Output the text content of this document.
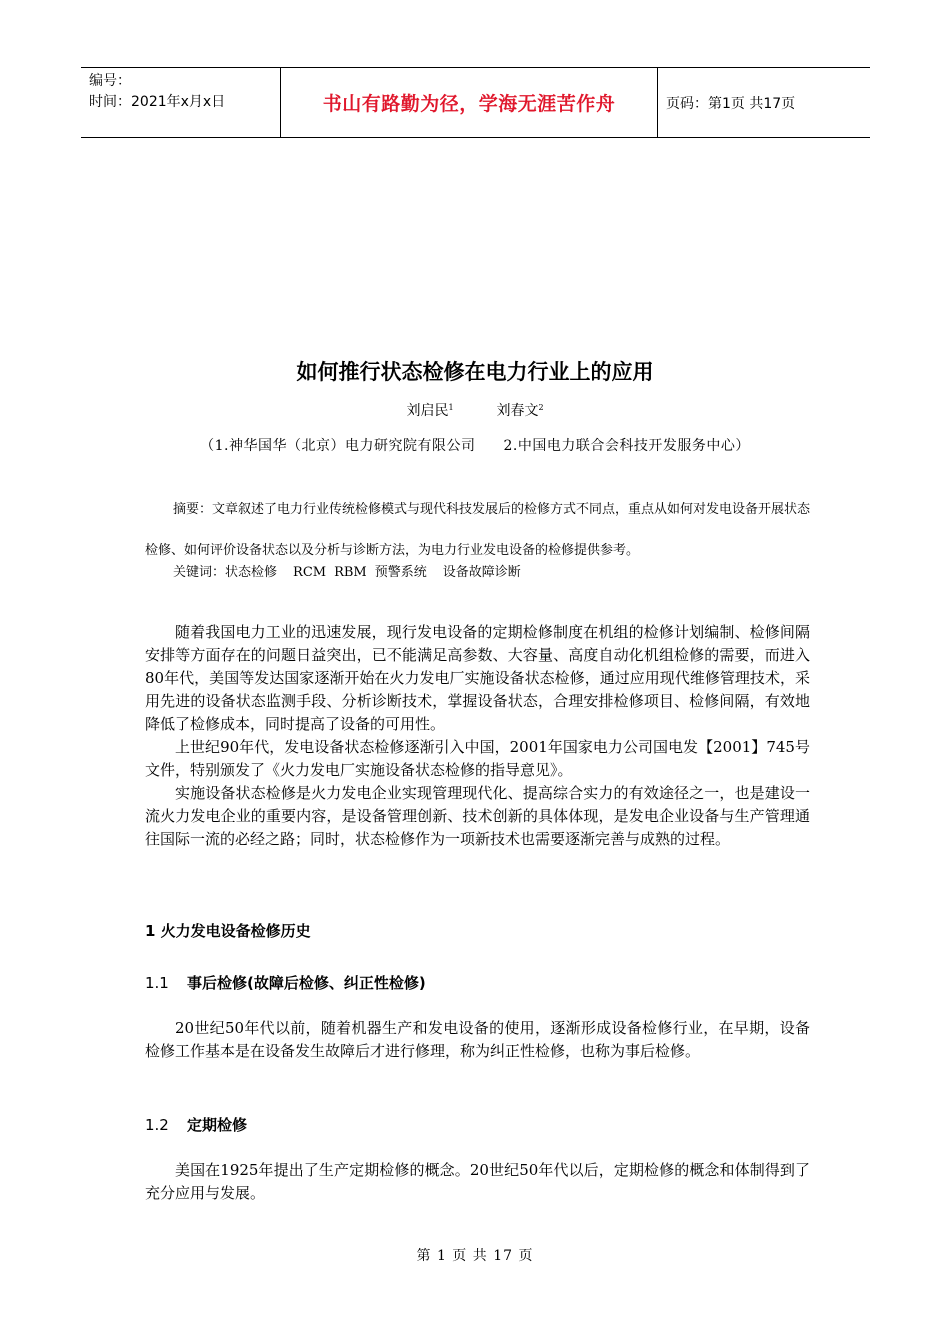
编号：
时间：2021年x月x日	书山有路勤为径，学海无涯苦作舟	页码：第1页 共17页
如何推行状态检修在电力行业上的应用
刘启民$^1$	刘春文$^2$
（1.神华国华（北京）电力研究院有限公司 2.中国电力联合会科技开发服务中心）
摘要：文章叙述了电力行业传统检修模式与现代科技发展后的检修方式不同点，重点从如何对发电设备开展状态检修、如何评价设备状态以及分析与诊断方法，为电力行业发电设备的检修提供参考。
关键词：状态检修 RCM RBM 预警系统 设备故障诊断

随着我国电力工业的迅速发展，现行发电设备的定期检修制度在机组的检修计划编制、检修间隔安排等方面存在的问题日益突出，已不能满足高参数、大容量、高度自动化机组检修的需要，而进入80年代，美国等发达国家逐渐开始在火力发电厂实施设备状态检修，通过应用现代维修管理技术，采用先进的设备状态监测手段、分析诊断技术，掌握设备状态，合理安排检修项目、检修间隔，有效地降低了检修成本，同时提高了设备的可用性。

上世纪90年代，发电设备状态检修逐渐引入中国，2001年国家电力公司国电发【2001】745号文件，特别颁发了《火力发电厂实施设备状态检修的指导意见》。

实施设备状态检修是火力发电企业实现管理现代化、提高综合实力的有效途径之一，也是建设一流火力发电企业的重要内容，是设备管理创新、技术创新的具体体现，是发电企业设备与生产管理通往国际一流的必经之路；同时，状态检修作为一项新技术也需要逐渐完善与成熟的过程。

1 火力发电设备检修历史
1.1 事后检修(故障后检修、纠正性检修)

20世纪50年代以前，随着机器生产和发电设备的使用，逐渐形成设备检修行业，在早期，设备检修工作基本是在设备发生故障后才进行修理，称为纠正性检修，也称为事后检修。

1.2 定期检修

美国在1925年提出了生产定期检修的概念。20世纪50年代以后，定期检修的概念和体制得到了充分应用与发展。

第 1 页 共 17 页
